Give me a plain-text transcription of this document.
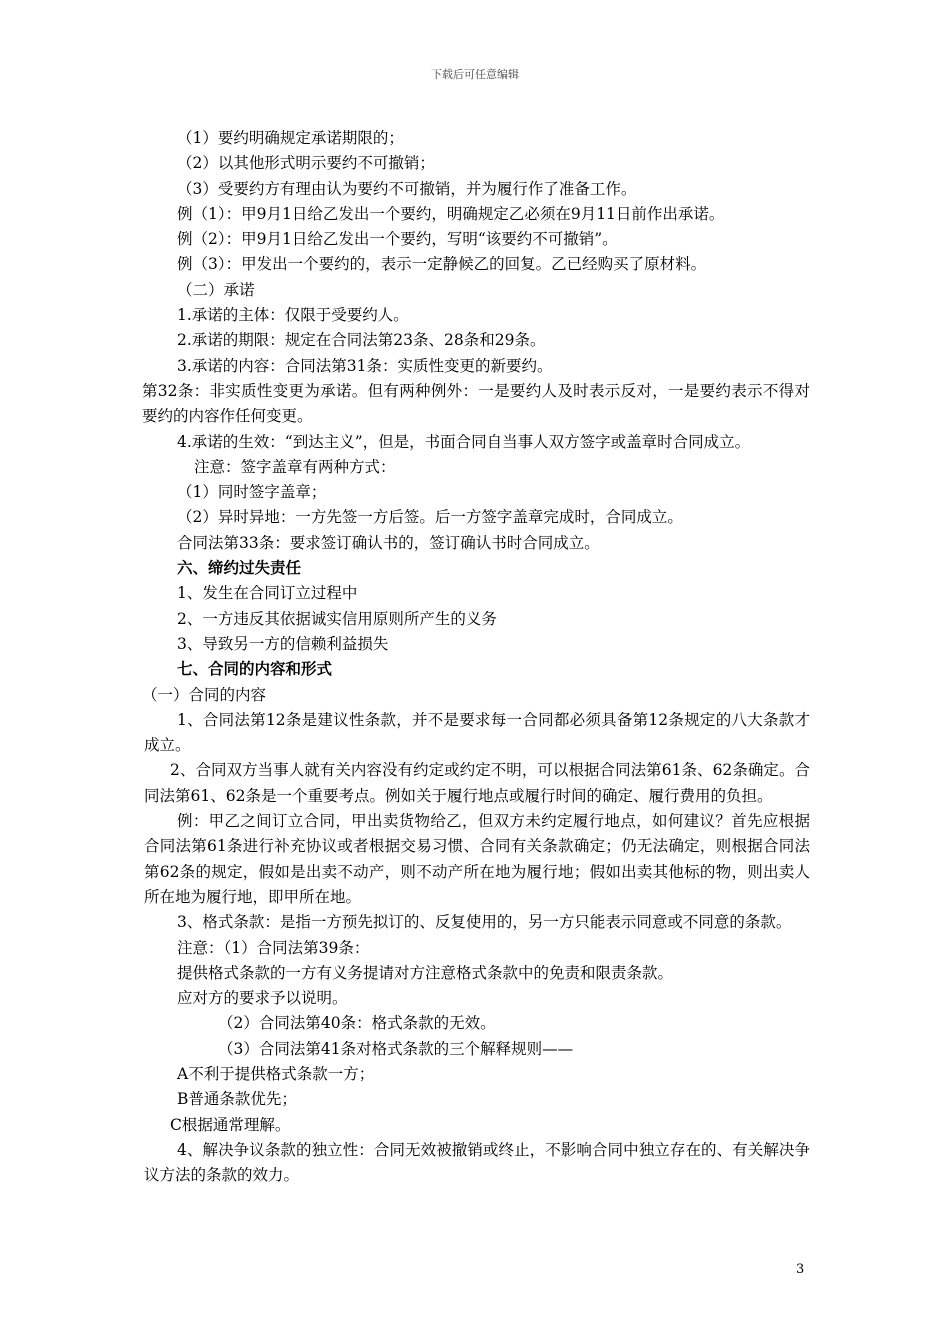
下载后可任意编辑
（1）要约明确规定承诺期限的；
（2）以其他形式明示要约不可撤销；
（3）受要约方有理由认为要约不可撤销，并为履行作了准备工作。
例（1）：甲9月1日给乙发出一个要约，明确规定乙必须在9月11日前作出承诺。
例（2）：甲9月1日给乙发出一个要约，写明“该要约不可撤销”。
例（3）：甲发出一个要约的，表示一定静候乙的回复。乙已经购买了原材料。
（二）承诺
1.承诺的主体：仅限于受要约人。
2.承诺的期限：规定在合同法第23条、28条和29条。
3.承诺的内容：合同法第31条：实质性变更的新要约。
第32条：非实质性变更为承诺。但有两种例外：一是要约人及时表示反对，一是要约表示不得对要约的内容作任何变更。
4.承诺的生效：“到达主义”，但是，书面合同自当事人双方签字或盖章时合同成立。
注意：签字盖章有两种方式：
（1）同时签字盖章；
（2）异时异地：一方先签一方后签。后一方签字盖章完成时，合同成立。
合同法第33条：要求签订确认书的，签订确认书时合同成立。
六、缔约过失责任
1、发生在合同订立过程中
2、一方违反其依据诚实信用原则所产生的义务
3、导致另一方的信赖利益损失
七、合同的内容和形式
（一）合同的内容
1、合同法第12条是建议性条款，并不是要求每一合同都必须具备第12条规定的八大条款才成立。
2、合同双方当事人就有关内容没有约定或约定不明，可以根据合同法第61条、62条确定。合同法第61、62条是一个重要考点。例如关于履行地点或履行时间的确定、履行费用的负担。
例：甲乙之间订立合同，甲出卖货物给乙，但双方未约定履行地点，如何建议？首先应根据合同法第61条进行补充协议或者根据交易习惯、合同有关条款确定；仍无法确定，则根据合同法第62条的规定，假如是出卖不动产，则不动产所在地为履行地；假如出卖其他标的物，则出卖人所在地为履行地，即甲所在地。
3、格式条款：是指一方预先拟订的、反复使用的，另一方只能表示同意或不同意的条款。
注意：（1）合同法第39条：
提供格式条款的一方有义务提请对方注意格式条款中的免责和限责条款。
应对方的要求予以说明。
（2）合同法第40条：格式条款的无效。
（3）合同法第41条对格式条款的三个解释规则——
A不利于提供格式条款一方；
B普通条款优先；
C根据通常理解。
4、解决争议条款的独立性：合同无效被撤销或终止，不影响合同中独立存在的、有关解决争议方法的条款的效力。
3
